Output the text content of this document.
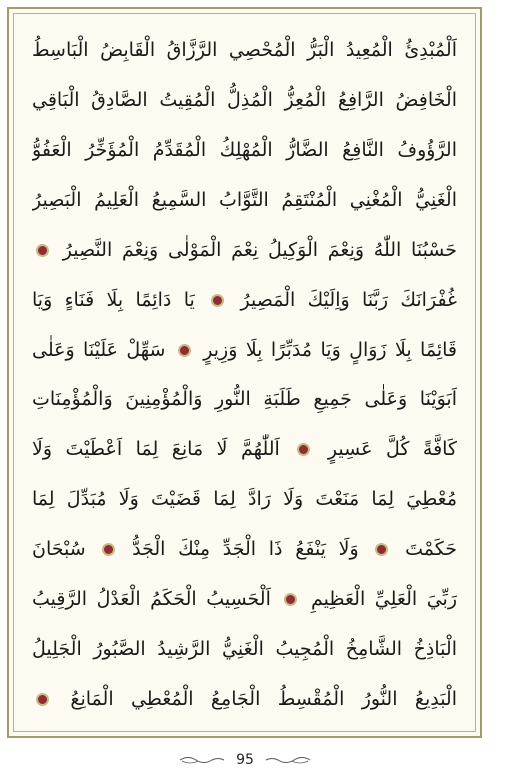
اَلْمُبْدِئُ الْمُعِيدُ الْبَرُّ الْمُحْصِي الرَّزَّاقُ الْقَابِضُ الْبَاسِطُ
الْخَافِضُ الرَّافِعُ الْمُعِزُّ الْمُذِلُّ الْمُقِيتُ الصَّادِقُ الْبَاقِي
الرَّؤُوفُ النَّافِعُ الضَّارُّ الْمُهْلِكُ الْمُقَدِّمُ الْمُؤَخِّرُ الْعَفُوُّ
الْغَنِيُّ الْمُغْنِي الْمُنْتَقِمُ التَّوَّابُ السَّمِيعُ الْعَلِيمُ الْبَصِيرُ
حَسْبُنَا اللّٰهُ وَنِعْمَ الْوَكِيلُ نِعْمَ الْمَوْلٰى وَنِعْمَ النَّصِيرُ
غُفْرَانَكَ رَبَّنَا وَاِلَيْكَ الْمَصِيرُ  يَا دَائِمًا بِلَا فَنَاءٍ وَيَا
قَائِمًا بِلَا زَوَالٍ وَيَا مُدَبِّرًا بِلَا وَزِيرٍ  سَهِّلْ عَلَيْنَا وَعَلٰى
اَبَوَيْنَا وَعَلٰى جَمِيعِ طَلَبَةِ النُّورِ وَالْمُؤْمِنِينَ وَالْمُؤْمِنَاتِ
كَافَّةً كُلَّ عَسِيرٍ  اَللّٰهُمَّ لَا مَانِعَ لِمَا اَعْطَيْتَ وَلَا
مُعْطِيَ لِمَا مَنَعْتَ وَلَا رَادَّ لِمَا قَضَيْتَ وَلَا مُبَدِّلَ لِمَا
حَكَمْتَ  وَلَا يَنْفَعُ ذَا الْجَدِّ مِنْكَ الْجَدُّ  سُبْحَانَ
رَبِّيَ الْعَلِيِّ الْعَظِيمِ  اَلْحَسِيبُ الْحَكَمُ الْعَدْلُ الرَّقِيبُ
الْبَاذِخُ الشَّامِخُ الْمُجِيبُ الْغَنِيُّ الرَّشِيدُ الصَّبُورُ الْجَلِيلُ
الْبَدِيعُ النُّورُ الْمُقْسِطُ الْجَامِعُ الْمُعْطِي الْمَانِعُ
95
